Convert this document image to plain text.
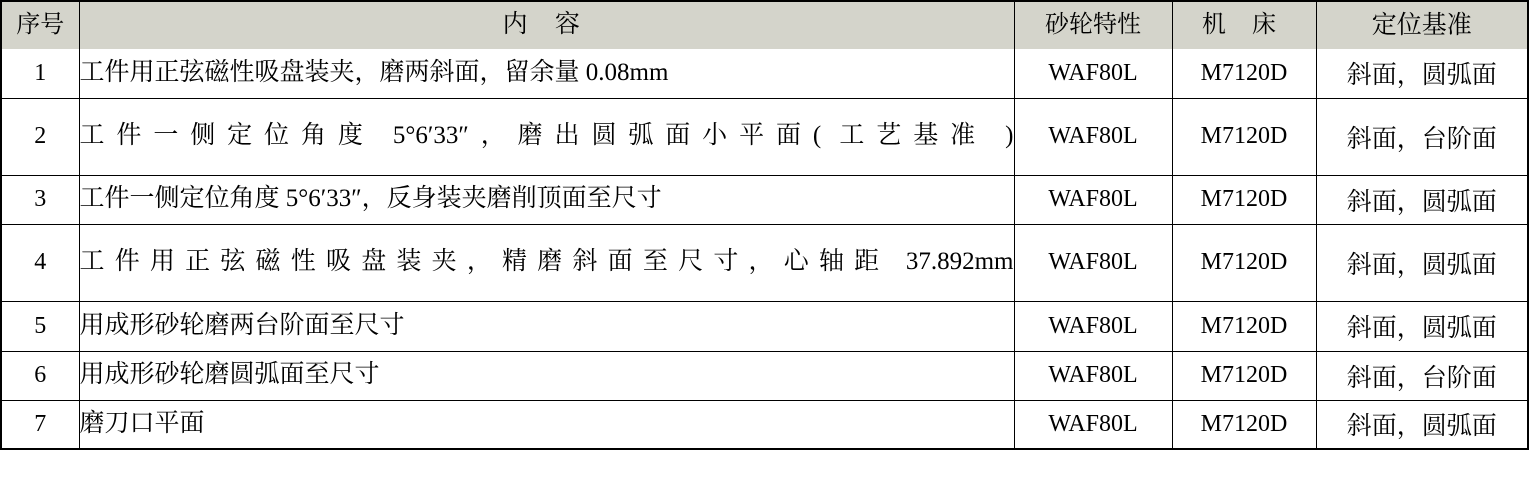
序号	内 容	砂轮特性	机 床	定位基准
1	工件用正弦磁性吸盘装夹，磨两斜面，留余量 0.08mm	WAF80L	M7120D	斜面，圆弧面
2	工件一侧定位角度 5°6′33″，磨出圆弧面小平面( 工艺基准 )	WAF80L	M7120D	斜面，台阶面
3	工件一侧定位角度 5°6′33″，反身装夹磨削顶面至尺寸	WAF80L	M7120D	斜面，圆弧面
4	工件用正弦磁性吸盘装夹，精磨斜面至尺寸，心轴距 37.892mm	WAF80L	M7120D	斜面，圆弧面
5	用成形砂轮磨两台阶面至尺寸	WAF80L	M7120D	斜面，圆弧面
6	用成形砂轮磨圆弧面至尺寸	WAF80L	M7120D	斜面，台阶面
7	磨刀口平面	WAF80L	M7120D	斜面，圆弧面
